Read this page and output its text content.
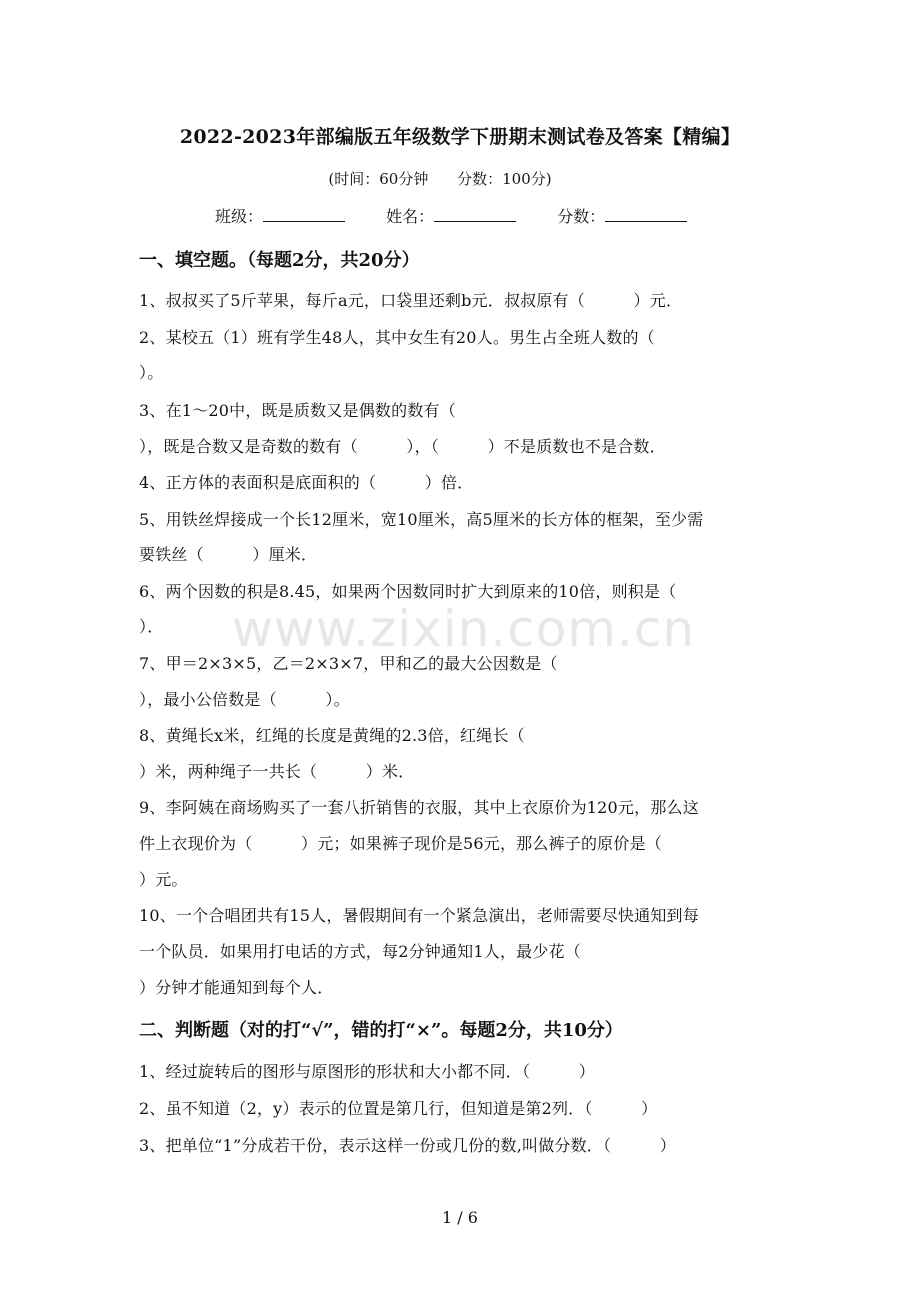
2022-2023年部编版五年级数学下册期末测试卷及答案【精编】
(时间：60分钟 分数：100分)
班级：	姓名：	分数：
一、填空题。（每题2分，共20分）
1、叔叔买了5斤苹果，每斤a元，口袋里还剩b元．叔叔原有（　　　）元．
2、某校五（1）班有学生48人，其中女生有20人。男生占全班人数的（
）。
3、在1～20中，既是质数又是偶数的数有（
），既是合数又是奇数的数有（　　　），（　　　）不是质数也不是合数．
4、正方体的表面积是底面积的（　　　）倍．
5、用铁丝焊接成一个长12厘米，宽10厘米，高5厘米的长方体的框架，至少需
要铁丝（　　　）厘米．
6、两个因数的积是8.45，如果两个因数同时扩大到原来的10倍，则积是（
）．
7、甲＝2×3×5，乙＝2×3×7，甲和乙的最大公因数是（
），最小公倍数是（　　　）。
8、黄绳长x米，红绳的长度是黄绳的2.3倍，红绳长（
）米，两种绳子一共长（　　　）米．
9、李阿姨在商场购买了一套八折销售的衣服，其中上衣原价为120元，那么这
件上衣现价为（　　　）元；如果裤子现价是56元，那么裤子的原价是（
）元。
10、一个合唱团共有15人，暑假期间有一个紧急演出，老师需要尽快通知到每
一个队员．如果用打电话的方式，每2分钟通知1人，最少花（
）分钟才能通知到每个人．
二、判断题（对的打“√”，错的打“×”。每题2分，共10分）
1、经过旋转后的图形与原图形的形状和大小都不同．（　　　）
2、虽不知道（2，y）表示的位置是第几行，但知道是第2列．（　　　）
3、把单位“1”分成若干份，表示这样一份或几份的数,叫做分数．（　　　）
www.zixin.com.cn
1 / 6
